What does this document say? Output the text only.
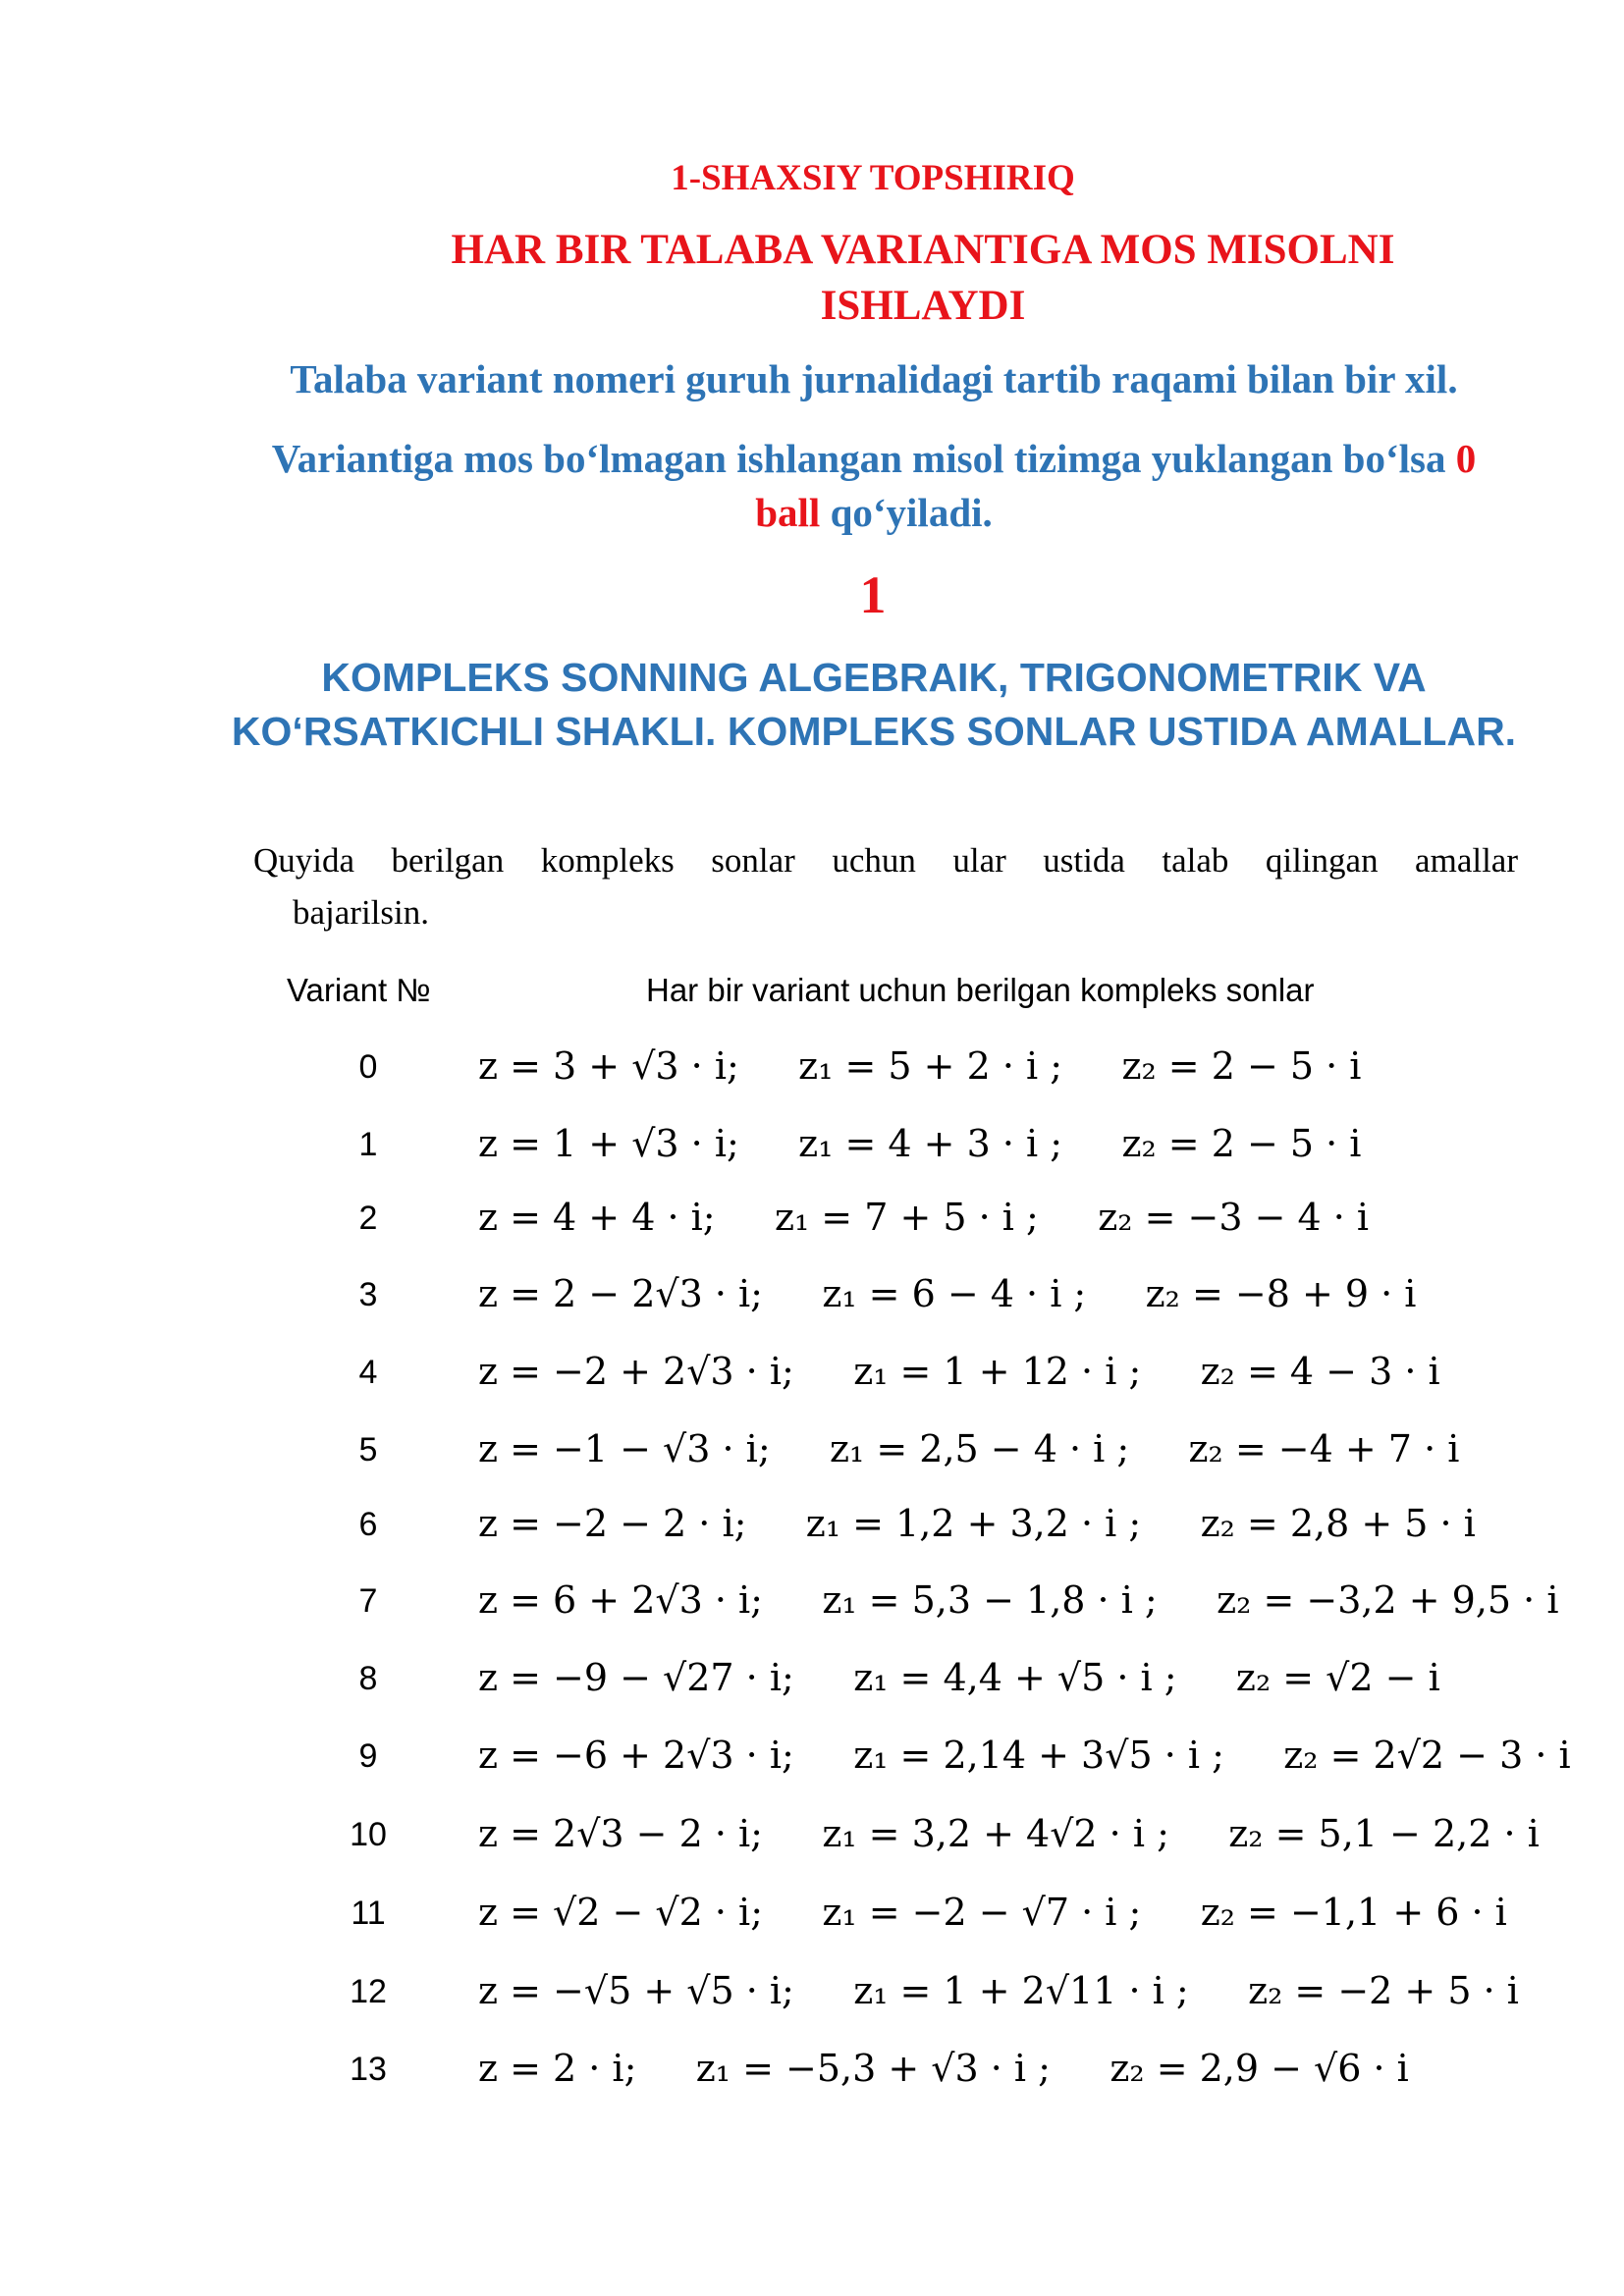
1-SHAXSIY TOPSHIRIQ
HAR BIR TALABA VARIANTIGA MOS MISOLNI ISHLAYDI
Talaba variant nomeri guruh jurnalidagi tartib raqami bilan bir xil.
Variantiga mos bo‘lmagan ishlangan misol tizimga yuklangan bo‘lsa 0 ball qo‘yiladi.
1
KOMPLEKS SONNING ALGEBRAIK, TRIGONOMETRIK VA KO‘RSATKICHLI SHAKLI. KOMPLEKS SONLAR USTIDA AMALLAR.
Quyida berilgan kompleks sonlar uchun ular ustida talab qilingan amallar
bajarilsin.
Variant №	Har bir variant uchun berilgan kompleks sonlar
0	z = 3 + √3 · i;     z₁ = 5 + 2 · i ;     z₂ = 2 − 5 · i
1	z = 1 + √3 · i;     z₁ = 4 + 3 · i ;     z₂ = 2 − 5 · i
2	z = 4 + 4 · i;     z₁ = 7 + 5 · i ;     z₂ = −3 − 4 · i
3	z = 2 − 2√3 · i;     z₁ = 6 − 4 · i ;     z₂ = −8 + 9 · i
4	z = −2 + 2√3 · i;     z₁ = 1 + 12 · i ;     z₂ = 4 − 3 · i
5	z = −1 − √3 · i;     z₁ = 2,5 − 4 · i ;     z₂ = −4 + 7 · i
6	z = −2 − 2 · i;     z₁ = 1,2 + 3,2 · i ;     z₂ = 2,8 + 5 · i
7	z = 6 + 2√3 · i;     z₁ = 5,3 − 1,8 · i ;     z₂ = −3,2 + 9,5 · i
8	z = −9 − √27 · i;     z₁ = 4,4 + √5 · i ;     z₂ = √2 − i
9	z = −6 + 2√3 · i;     z₁ = 2,14 + 3√5 · i ;     z₂ = 2√2 − 3 · i
10	z = 2√3 − 2 · i;     z₁ = 3,2 + 4√2 · i ;     z₂ = 5,1 − 2,2 · i
11	z = √2 − √2 · i;     z₁ = −2 − √7 · i ;     z₂ = −1,1 + 6 · i
12	z = −√5 + √5 · i;     z₁ = 1 + 2√11 · i ;     z₂ = −2 + 5 · i
13	z = 2 · i;     z₁ = −5,3 + √3 · i ;     z₂ = 2,9 − √6 · i
